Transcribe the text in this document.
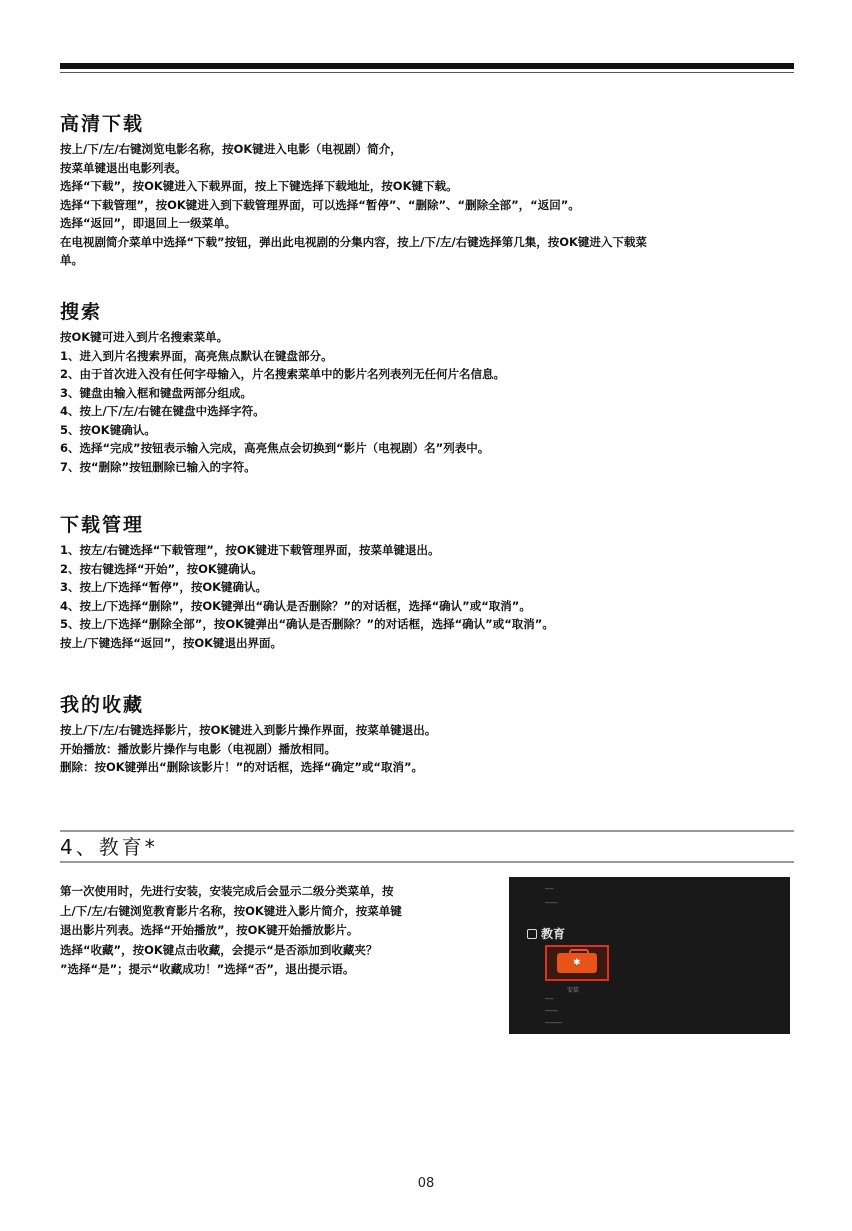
高清下载

按上/下/左/右键浏览电影名称，按OK键进入电影（电视剧）简介，

按菜单键退出电影列表。

选择“下载”，按OK键进入下载界面，按上下键选择下载地址，按OK键下载。

选择“下载管理”，按OK键进入到下载管理界面，可以选择“暂停”、“删除”、“删除全部”，“返回”。

选择“返回”，即退回上一级菜单。

在电视剧简介菜单中选择“下载”按钮，弹出此电视剧的分集内容，按上/下/左/右键选择第几集，按OK键进入下载菜

单。

搜索

按OK键可进入到片名搜索菜单。

1、进入到片名搜索界面，高亮焦点默认在键盘部分。

2、由于首次进入没有任何字母输入，片名搜索菜单中的影片名列表列无任何片名信息。

3、键盘由输入框和键盘两部分组成。

4、按上/下/左/右键在键盘中选择字符。

5、按OK键确认。

6、选择“完成”按钮表示输入完成，高亮焦点会切换到“影片（电视剧）名”列表中。

7、按“删除”按钮删除已输入的字符。

下载管理

1、按左/右键选择“下载管理”，按OK键进下载管理界面，按菜单键退出。

2、按右键选择“开始”，按OK键确认。

3、按上/下选择“暂停”，按OK键确认。

4、按上/下选择“删除”，按OK键弹出“确认是否删除？”的对话框，选择“确认”或“取消”。

5、按上/下选择“删除全部”，按OK键弹出“确认是否删除？”的对话框，选择“确认”或“取消”。

按上/下键选择“返回”，按OK键退出界面。

我的收藏

按上/下/左/右键选择影片，按OK键进入到影片操作界面，按菜单键退出。

开始播放：播放影片操作与电影（电视剧）播放相同。

删除：按OK键弹出“删除该影片！”的对话框，选择“确定”或“取消”。

4、教育*

第一次使用时，先进行安装，安装完成后会显示二级分类菜单，按

上/下/左/右键浏览教育影片名称，按OK键进入影片简介，按菜单键

退出影片列表。选择“开始播放”，按OK键开始播放影片。

选择“收藏”，按OK键点击收藏，会提示“是否添加到收藏夹？

”选择“是”；提示“收藏成功！”选择“否”，退出提示语。

━━
━━━
教育
✱
安装
━━
━━━
━━━━
08
